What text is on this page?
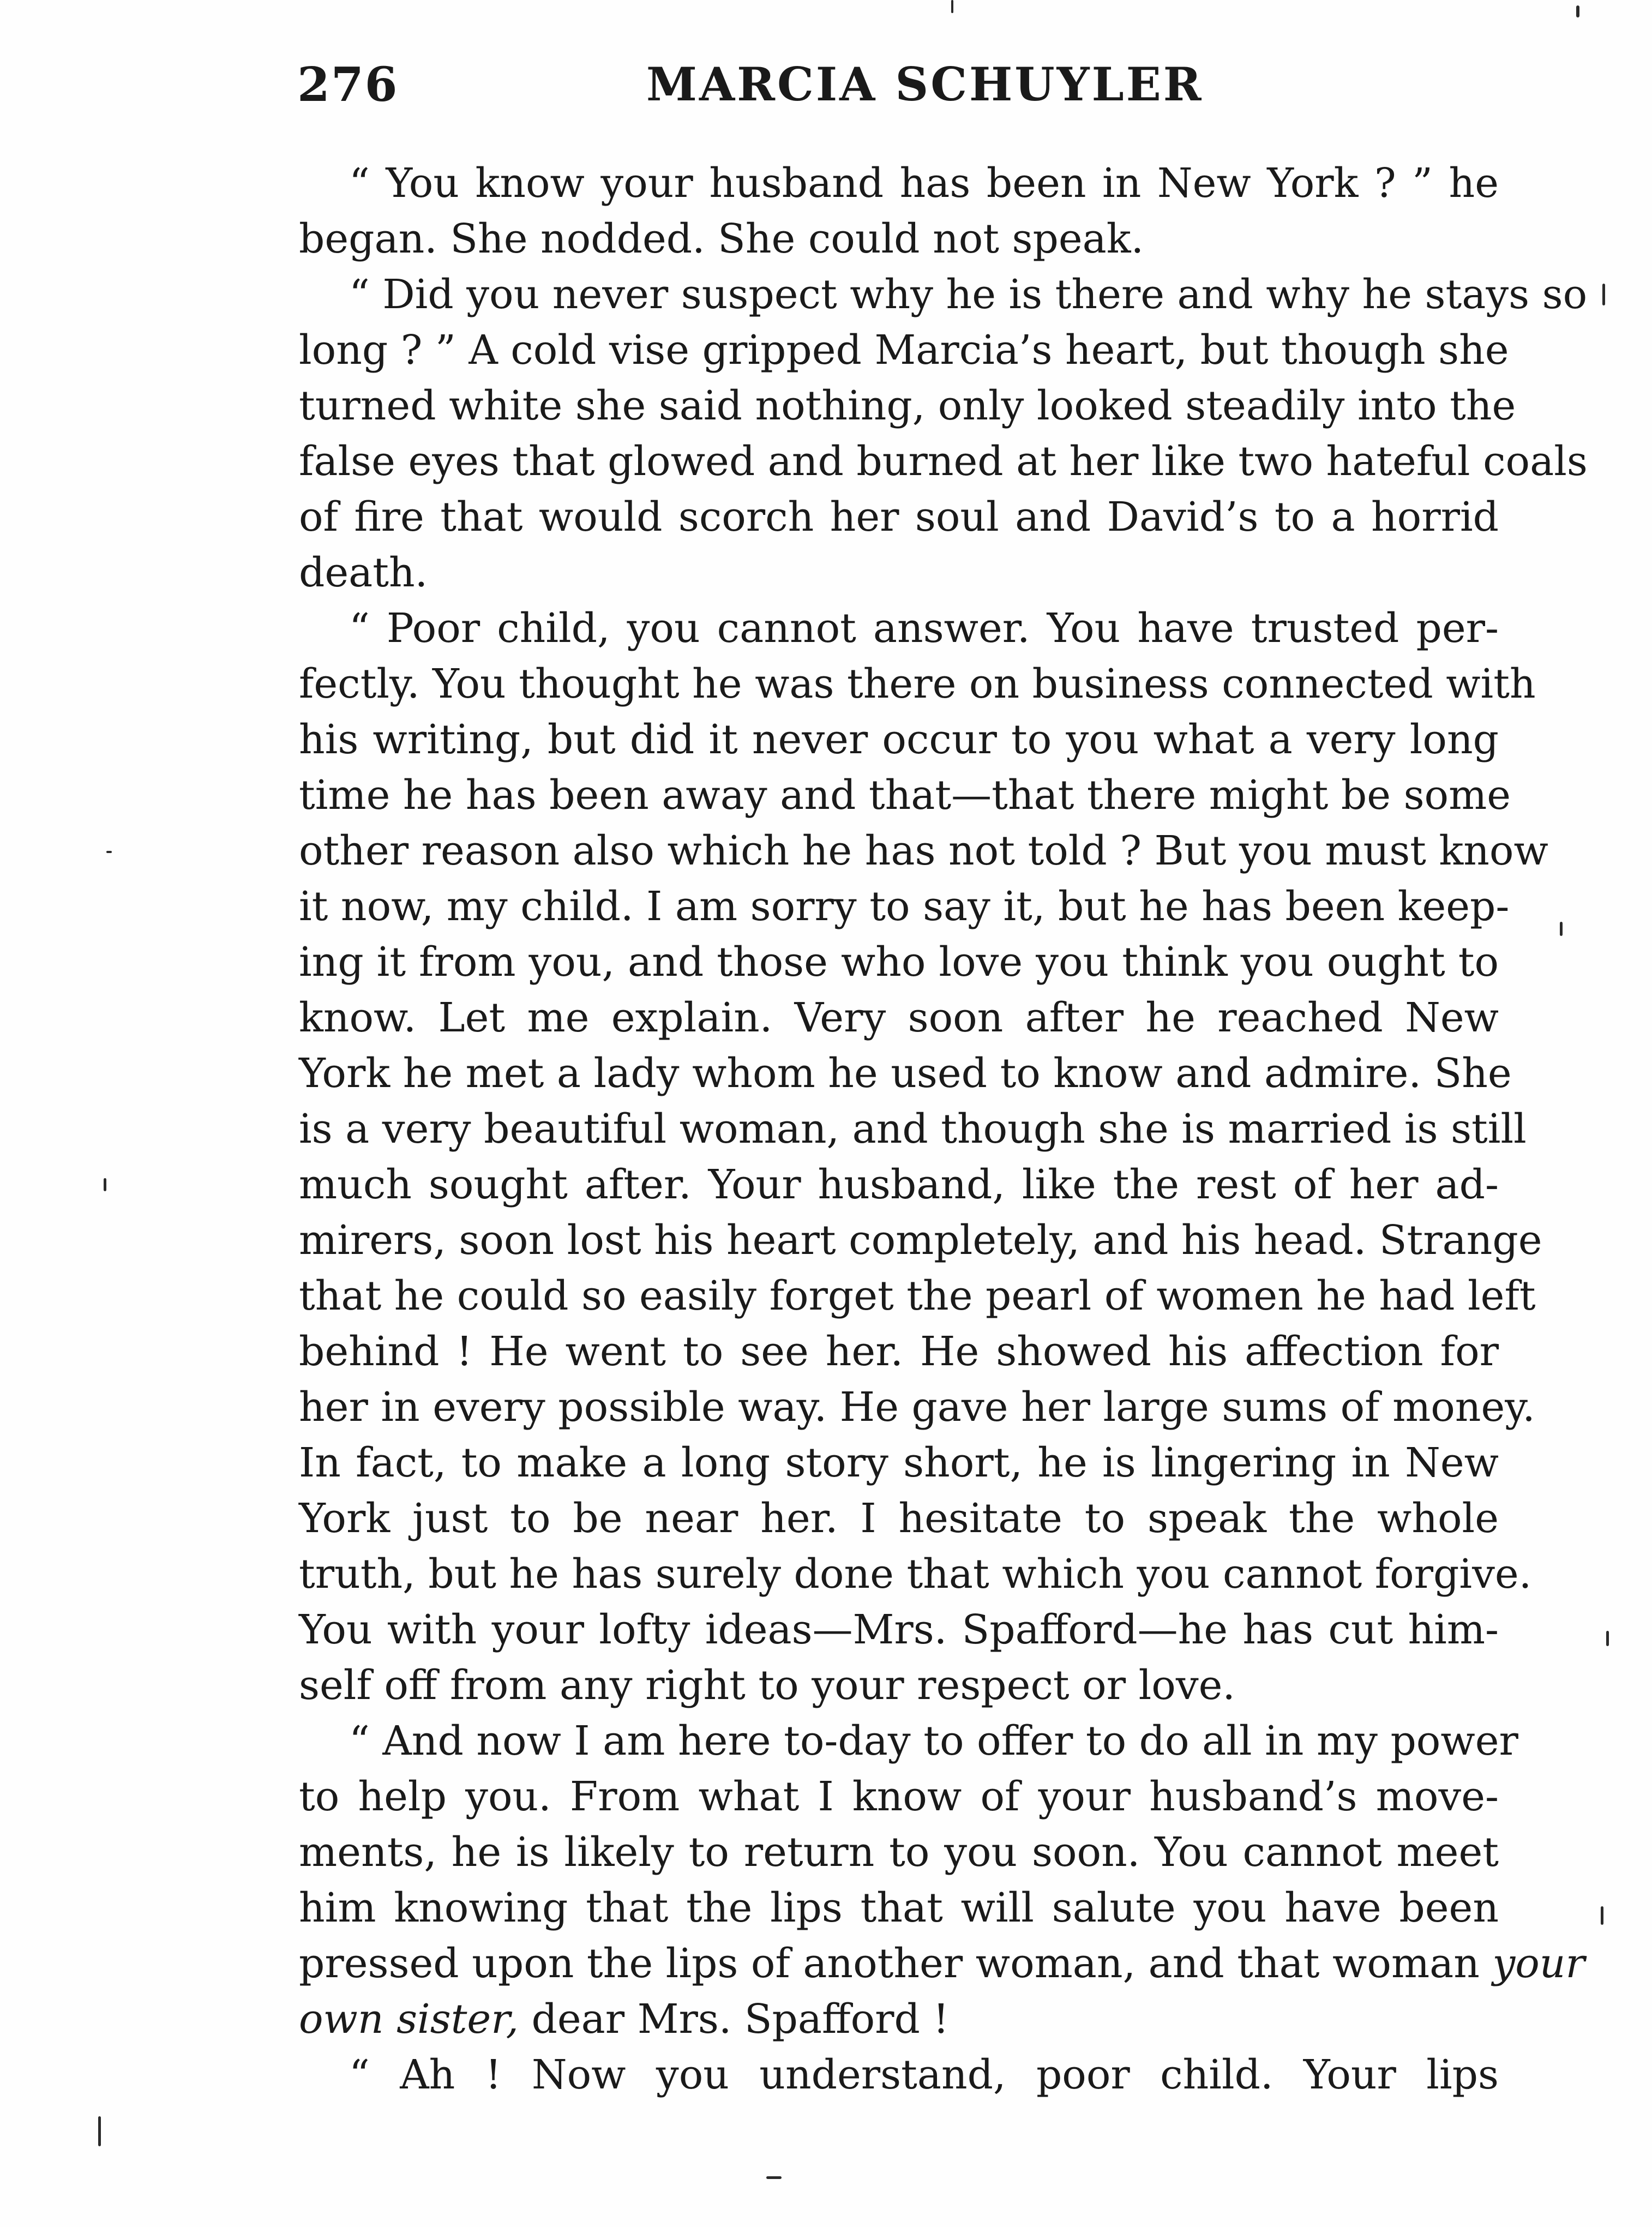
276	MARCIA SCHUYLER
“ You know your husband has been in New York ? ” he
began. She nodded. She could not speak.
“ Did you never suspect why he is there and why he stays so
long ? ” A cold vise gripped Marcia’s heart, but though she
turned white she said nothing, only looked steadily into the
false eyes that glowed and burned at her like two hateful coals
of fire that would scorch her soul and David’s to a horrid
death.
“ Poor child, you cannot answer. You have trusted per-
fectly. You thought he was there on business connected with
his writing, but did it never occur to you what a very long
time he has been away and that—that there might be some
other reason also which he has not told ? But you must know
it now, my child. I am sorry to say it, but he has been keep-
ing it from you, and those who love you think you ought to
know. Let me explain. Very soon after he reached New
York he met a lady whom he used to know and admire. She
is a very beautiful woman, and though she is married is still
much sought after. Your husband, like the rest of her ad-
mirers, soon lost his heart completely, and his head. Strange
that he could so easily forget the pearl of women he had left
behind ! He went to see her. He showed his affection for
her in every possible way. He gave her large sums of money.
In fact, to make a long story short, he is lingering in New
York just to be near her. I hesitate to speak the whole
truth, but he has surely done that which you cannot forgive.
You with your lofty ideas—Mrs. Spafford—he has cut him-
self off from any right to your respect or love.
“ And now I am here to-day to offer to do all in my power
to help you. From what I know of your husband’s move-
ments, he is likely to return to you soon. You cannot meet
him knowing that the lips that will salute you have been
pressed upon the lips of another woman, and that woman your
own sister, dear Mrs. Spafford !
“ Ah ! Now you understand, poor child. Your lips
